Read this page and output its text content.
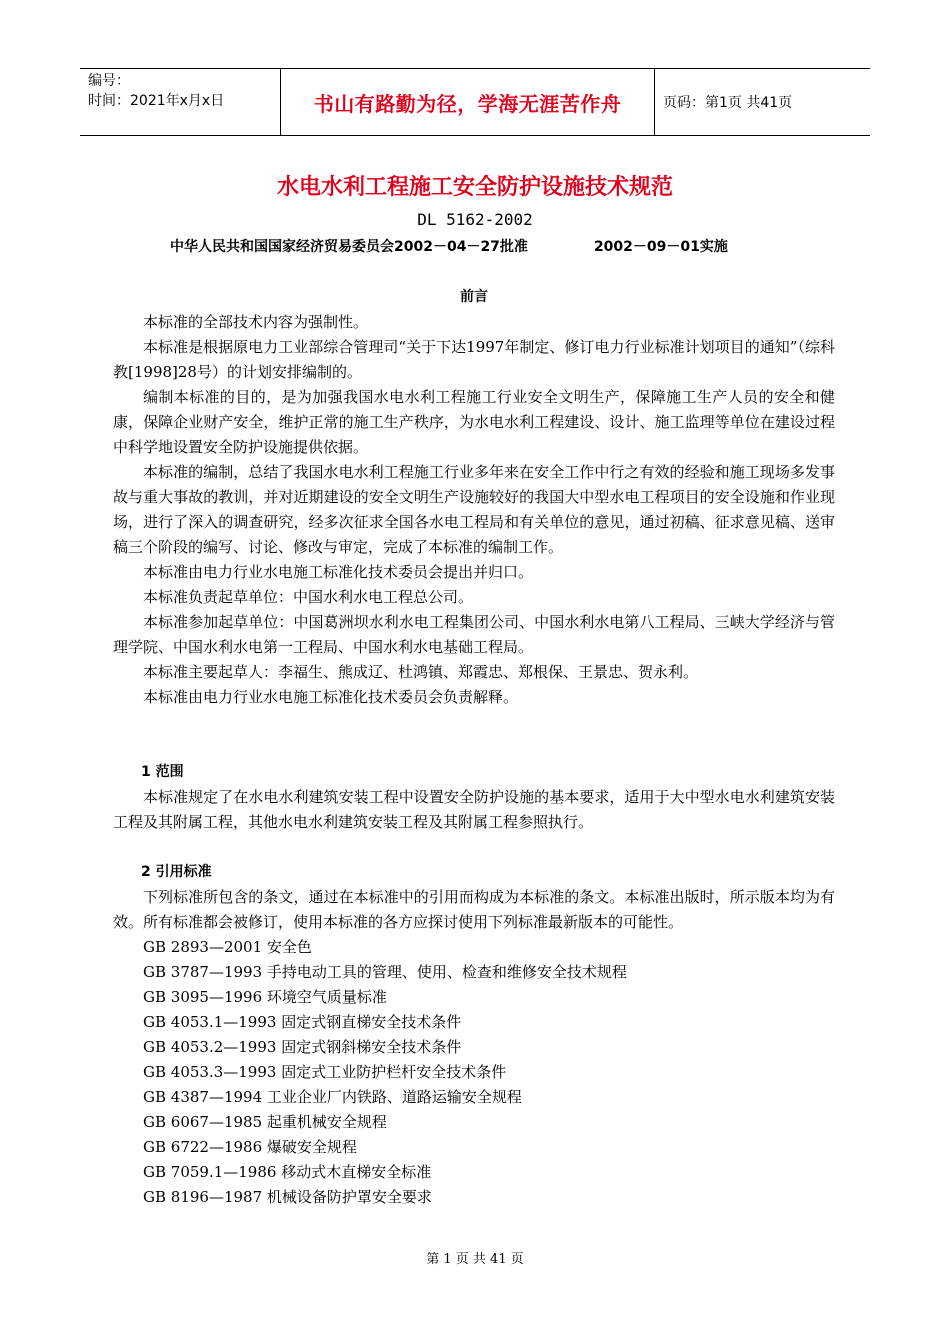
编号：
时间：2021年x月x日	书山有路勤为径，学海无涯苦作舟	页码：第1页 共41页
水电水利工程施工安全防护设施技术规范
DL 5162-2002
中华人民共和国国家经济贸易委员会2002－04－27批准	2002－09－01实施

前言

本标准的全部技术内容为强制性。

本标准是根据原电力工业部综合管理司“关于下达1997年制定、修订电力行业标准计划项目的通知”（综科教[1998]28号）的计划安排编制的。

编制本标准的目的，是为加强我国水电水利工程施工行业安全文明生产，保障施工生产人员的安全和健康，保障企业财产安全，维护正常的施工生产秩序，为水电水利工程建设、设计、施工监理等单位在建设过程中科学地设置安全防护设施提供依据。

本标准的编制，总结了我国水电水利工程施工行业多年来在安全工作中行之有效的经验和施工现场多发事故与重大事故的教训，并对近期建设的安全文明生产设施较好的我国大中型水电工程项目的安全设施和作业现场，进行了深入的调查研究，经多次征求全国各水电工程局和有关单位的意见，通过初稿、征求意见稿、送审稿三个阶段的编写、讨论、修改与审定，完成了本标准的编制工作。

本标准由电力行业水电施工标准化技术委员会提出并归口。

本标准负责起草单位：中国水利水电工程总公司。

本标准参加起草单位：中国葛洲坝水利水电工程集团公司、中国水利水电第八工程局、三峡大学经济与管理学院、中国水利水电第一工程局、中国水利水电基础工程局。

本标准主要起草人：李福生、熊成辽、杜鸿镇、郑霞忠、郑根保、王景忠、贺永利。

本标准由电力行业水电施工标准化技术委员会负责解释。

1 范围

本标准规定了在水电水利建筑安装工程中设置安全防护设施的基本要求，适用于大中型水电水利建筑安装工程及其附属工程，其他水电水利建筑安装工程及其附属工程参照执行。

2 引用标准

下列标准所包含的条文，通过在本标准中的引用而构成为本标准的条文。本标准出版时，所示版本均为有效。所有标准都会被修订，使用本标准的各方应探讨使用下列标准最新版本的可能性。

GB 2893—2001 安全色

GB 3787—1993 手持电动工具的管理、使用、检查和维修安全技术规程

GB 3095—1996 环境空气质量标准

GB 4053.1—1993 固定式钢直梯安全技术条件

GB 4053.2—1993 固定式钢斜梯安全技术条件

GB 4053.3—1993 固定式工业防护栏杆安全技术条件

GB 4387—1994 工业企业厂内铁路、道路运输安全规程

GB 6067—1985 起重机械安全规程

GB 6722—1986 爆破安全规程

GB 7059.1—1986 移动式木直梯安全标准

GB 8196—1987 机械设备防护罩安全要求

第 1 页 共 41 页
